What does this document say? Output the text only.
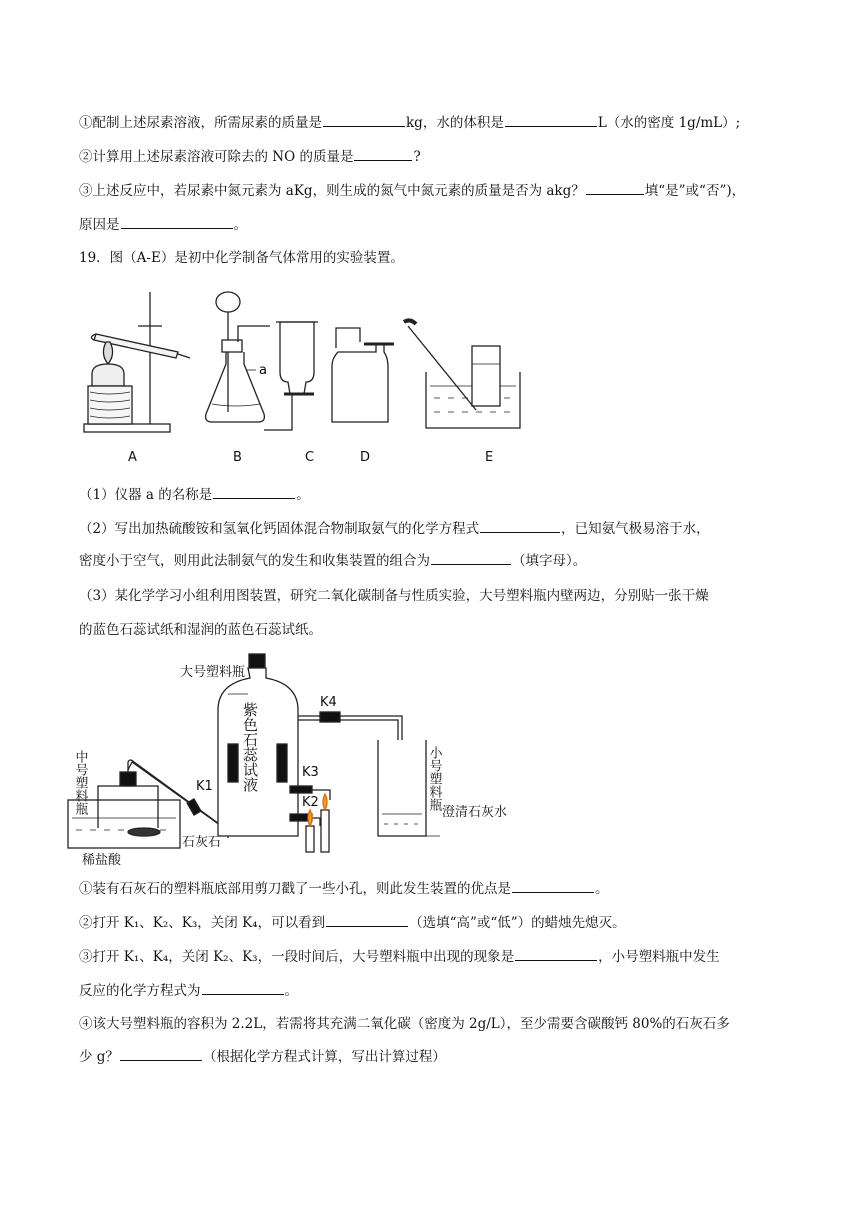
①配制上述尿素溶液，所需尿素的质量是	kg，水的体积是	L（水的密度 1g/mL）;
②计算用上述尿素溶液可除去的 NO 的质量是	?
③上述反应中，若尿素中氮元素为 aKg，则生成的氮气中氮元素的质量是否为 akg？	填“是”或“否”)，
原因是	。
19．图（A-E）是初中化学制备气体常用的实验装置。
a
A	B	C	D	E
（1）仪器 a 的名称是	。
（2）写出加热硫酸铵和氢氧化钙固体混合物制取氨气的化学方程式	，已知氨气极易溶于水，
密度小于空气，则用此法制氨气的发生和收集装置的组合为	（填字母）。
（3）某化学学习小组利用图装置，研究二氧化碳制备与性质实验，大号塑料瓶内壁两边，分别贴一张干燥
的蓝色石蕊试纸和湿润的蓝色石蕊试纸。
大号塑料瓶
紫色石蕊试液
中号塑料瓶	小号塑料瓶
澄清石灰水
石灰石
稀盐酸
K1
K2
K3
K4
①装有石灰石的塑料瓶底部用剪刀戳了一些小孔，则此发生装置的优点是	。
②打开 K₁、K₂、K₃，关闭 K₄，可以看到	（选填“高”或“低”）的蜡烛先熄灭。
③打开 K₁、K₄，关闭 K₂、K₃，一段时间后，大号塑料瓶中出现的现象是	，小号塑料瓶中发生
反应的化学方程式为	。
④该大号塑料瓶的容积为 2.2L，若需将其充满二氧化碳（密度为 2g/L），至少需要含碳酸钙 80%的石灰石多
少 g？	（根据化学方程式计算，写出计算过程）
